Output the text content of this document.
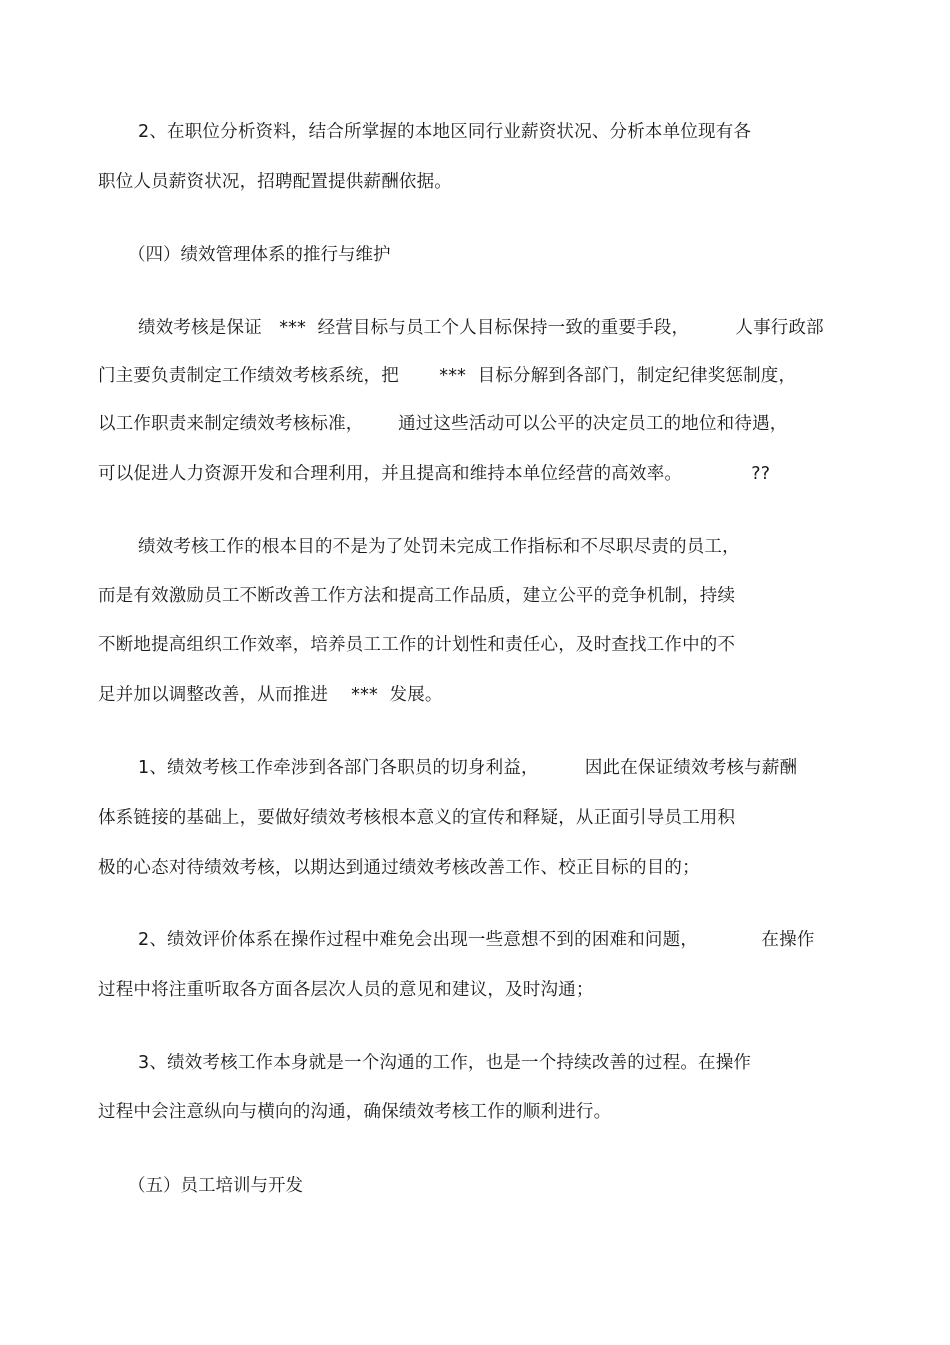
2、在职位分析资料，结合所掌握的本地区同行业薪资状况、分析本单位现有各
职位人员薪资状况，招聘配置提供薪酬依据。
（四）绩效管理体系的推行与维护
绩效考核是保证   ***  经营目标与员工个人目标保持一致的重要手段，        人事行政部
门主要负责制定工作绩效考核系统，把       ***  目标分解到各部门，制定纪律奖惩制度，
以工作职责来制定绩效考核标准，      通过这些活动可以公平的决定员工的地位和待遇，
可以促进人力资源开发和合理利用，并且提高和维持本单位经营的高效率。            ??
绩效考核工作的根本目的不是为了处罚未完成工作指标和不尽职尽责的员工，
而是有效激励员工不断改善工作方法和提高工作品质，建立公平的竞争机制，持续
不断地提高组织工作效率，培养员工工作的计划性和责任心，及时查找工作中的不
足并加以调整改善，从而推进    ***  发展。
1、绩效考核工作牵涉到各部门各职员的切身利益，        因此在保证绩效考核与薪酬
体系链接的基础上，要做好绩效考核根本意义的宣传和释疑，从正面引导员工用积
极的心态对待绩效考核，以期达到通过绩效考核改善工作、校正目标的目的；
2、绩效评价体系在操作过程中难免会出现一些意想不到的困难和问题，           在操作
过程中将注重听取各方面各层次人员的意见和建议，及时沟通；
3、绩效考核工作本身就是一个沟通的工作，也是一个持续改善的过程。在操作
过程中会注意纵向与横向的沟通，确保绩效考核工作的顺利进行。
（五）员工培训与开发
